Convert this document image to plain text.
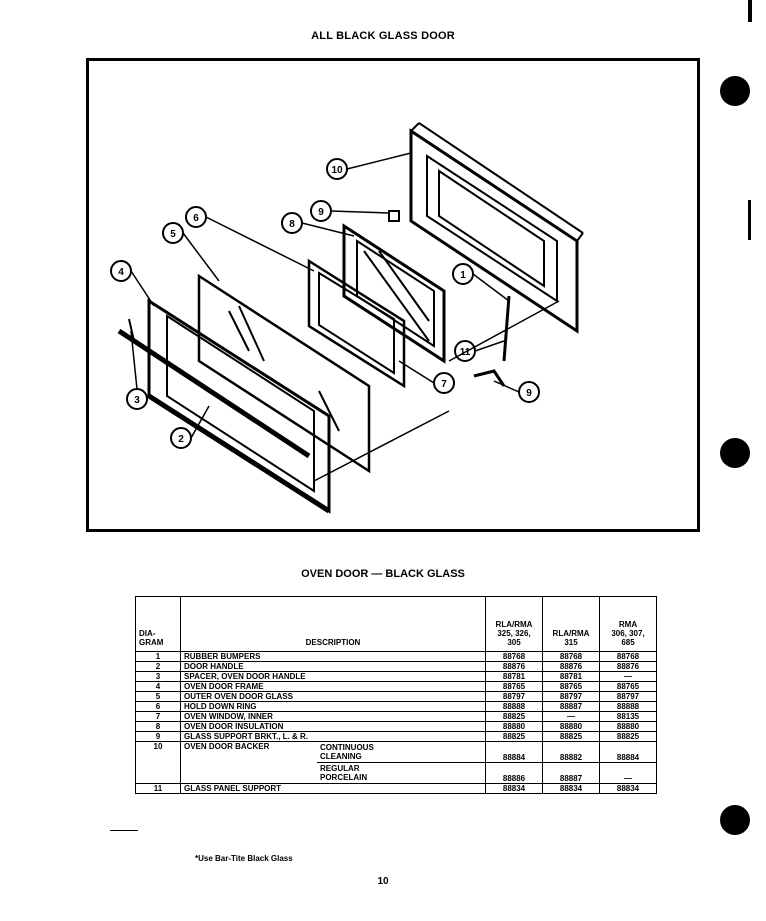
ALL BLACK GLASS DOOR
10
9
8
6
5
4	1
11
7
3
2
9
OVEN DOOR — BLACK GLASS
DIA-
GRAM	DESCRIPTION		RLA/RMA
325, 326,
305	RLA/RMA
315	RMA
306, 307,
685
1	RUBBER BUMPERS		88768	88768	88768
2	DOOR HANDLE		88876	88876	88876
3	SPACER, OVEN DOOR HANDLE		88781	88781	—
4	OVEN DOOR FRAME		88765	88765	88765
5	OUTER OVEN DOOR GLASS		88797	88797	88797
6	HOLD DOWN RING		88888	88887	88888
7	OVEN WINDOW, INNER		88825	—	88135
8	OVEN DOOR INSULATION		88880	88880	88880
9	GLASS SUPPORT BRKT., L. & R.		88825	88825	88825
10	OVEN DOOR BACKER	CONTINUOUS
CLEANING	88884	88882	88884
		REGULAR
PORCELAIN	88886	88887	—
11	GLASS PANEL SUPPORT		88834	88834	88834
*Use Bar-Tite Black Glass
10
